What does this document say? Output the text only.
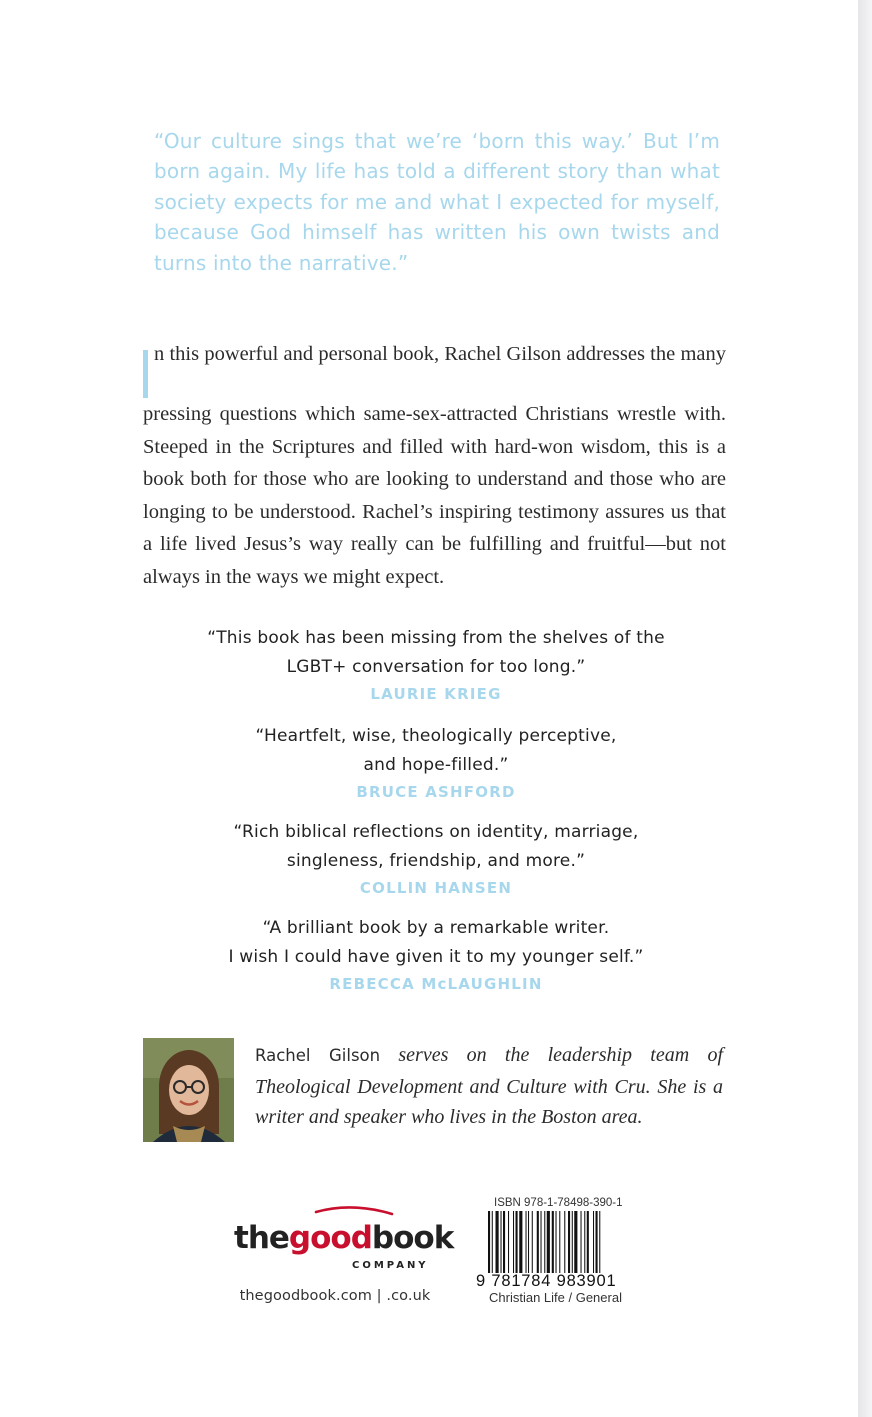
“Our culture sings that we’re ‘born this way.’ But I’m born again. My life has told a different story than what society expects for me and what I expected for myself, because God himself has written his own twists and turns into the narrative.”

n this powerful and personal book, Rachel Gilson addresses the many pressing questions which same-sex-attracted Christians wrestle with. Steeped in the Scriptures and filled with hard-won wisdom, this is a book both for those who are looking to understand and those who are longing to be understood. Rachel’s inspiring testimony assures us that a life lived Jesus’s way really can be fulfilling and fruitful—but not always in the ways we might expect.

“This book has been missing from the shelves of the
LGBT+ conversation for too long.”
LAURIE KRIEG
“Heartfelt, wise, theologically perceptive,
and hope-filled.”
BRUCE ASHFORD
“Rich biblical reflections on identity, marriage,
singleness, friendship, and more.”
COLLIN HANSEN
“A brilliant book by a remarkable writer.
I wish I could have given it to my younger self.”
REBECCA McLAUGHLIN
Rachel Gilson serves on the leadership team of Theological Development and Culture with Cru. She is a writer and speaker who lives in the Boston area.
thegoodbook
COMPANY
thegoodbook.com | .co.uk
ISBN 978-1-78498-390-1
9 781784 983901
Christian Life / General
